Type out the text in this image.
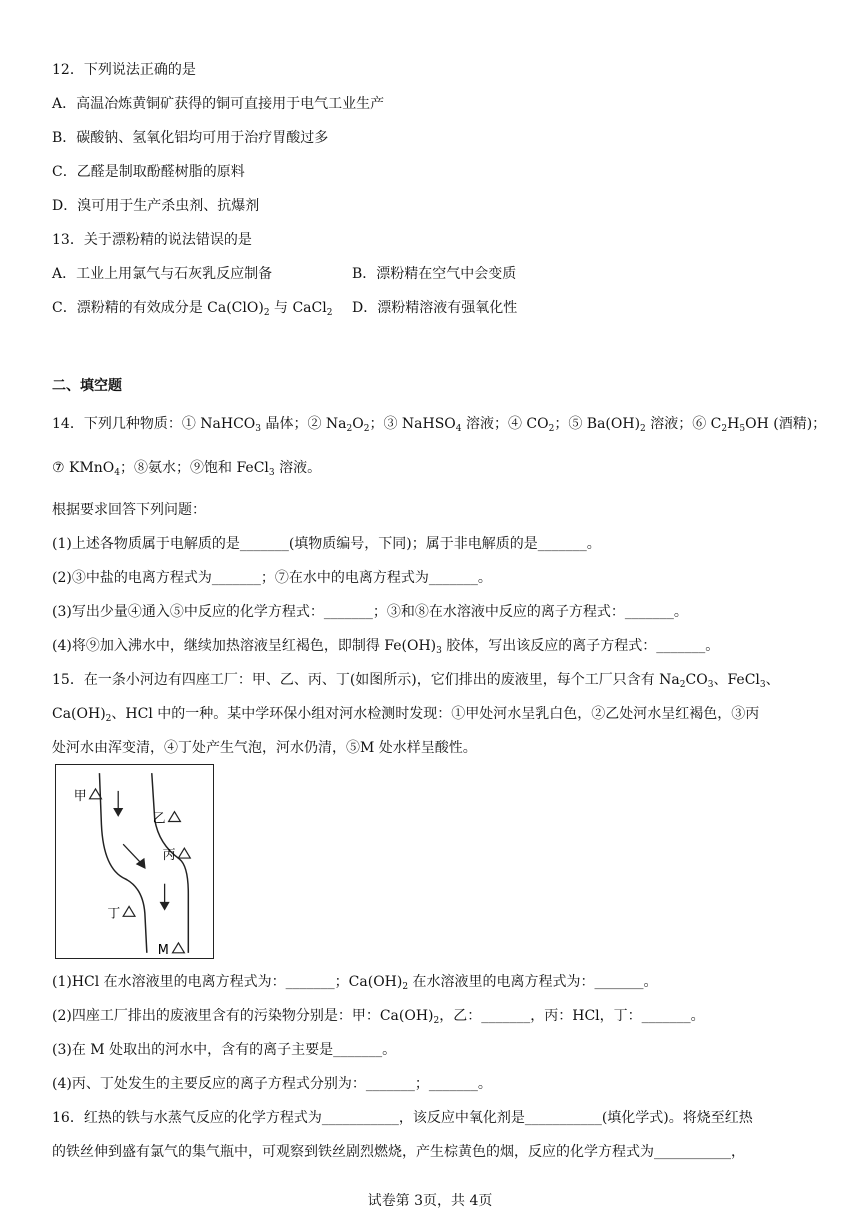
12．下列说法正确的是
A．高温冶炼黄铜矿获得的铜可直接用于电气工业生产
B．碳酸钠、氢氧化铝均可用于治疗胃酸过多
C．乙醛是制取酚醛树脂的原料
D．溴可用于生产杀虫剂、抗爆剂
13．关于漂粉精的说法错误的是
A．工业上用氯气与石灰乳反应制备	B．漂粉精在空气中会变质
C．漂粉精的有效成分是 $Ca(ClO)_2$ 与 CaCl$_2$ D．漂粉精溶液有强氧化性
二、填空题
14．下列几种物质：① NaHCO$_3$ 晶体；② $Na_2O_2$；③ NaHSO$_4$ 溶液；④ $CO_2$；⑤ $Ba(OH)_2$ 溶液；⑥ $C_2H_5OH$ (酒精)；
⑦ KMnO$_4$；⑧氨水；⑨饱和 FeCl$_3$ 溶液。
根据要求回答下列问题：
(1)上述各物质属于电解质的是_______(填物质编号，下同)；属于非电解质的是_______。
(2)③中盐的电离方程式为_______；⑦在水中的电离方程式为_______。
(3)写出少量④通入⑤中反应的化学方程式：_______；③和⑧在水溶液中反应的离子方程式：_______。
(4)将⑨加入沸水中，继续加热溶液呈红褐色，即制得 $Fe(OH)_3$ 胶体，写出该反应的离子方程式：_______。
15．在一条小河边有四座工厂：甲、乙、丙、丁(如图所示)，它们排出的废液里，每个工厂只含有 $Na_2CO_3$、FeCl$_3$、
$Ca(OH)_2$、HCl 中的一种。某中学环保小组对河水检测时发现：①甲处河水呈乳白色，②乙处河水呈红褐色，③丙
处河水由浑变清，④丁处产生气泡，河水仍清，⑤M 处水样呈酸性。
甲
乙
丙
丁
M
(1)HCl 在水溶液里的电离方程式为：_______；$Ca(OH)_2$ 在水溶液里的电离方程式为：_______。
(2)四座工厂排出的废液里含有的污染物分别是：甲：$Ca(OH)_2$，乙：_______，丙：HCl，丁：_______。
(3)在 M 处取出的河水中，含有的离子主要是_______。
(4)丙、丁处发生的主要反应的离子方程式分别为：_______；_______。
16．红热的铁与水蒸气反应的化学方程式为___________，该反应中氧化剂是___________(填化学式)。将烧至红热
的铁丝伸到盛有氯气的集气瓶中，可观察到铁丝剧烈燃烧，产生棕黄色的烟，反应的化学方程式为___________，
试卷第 3页，共 4页
